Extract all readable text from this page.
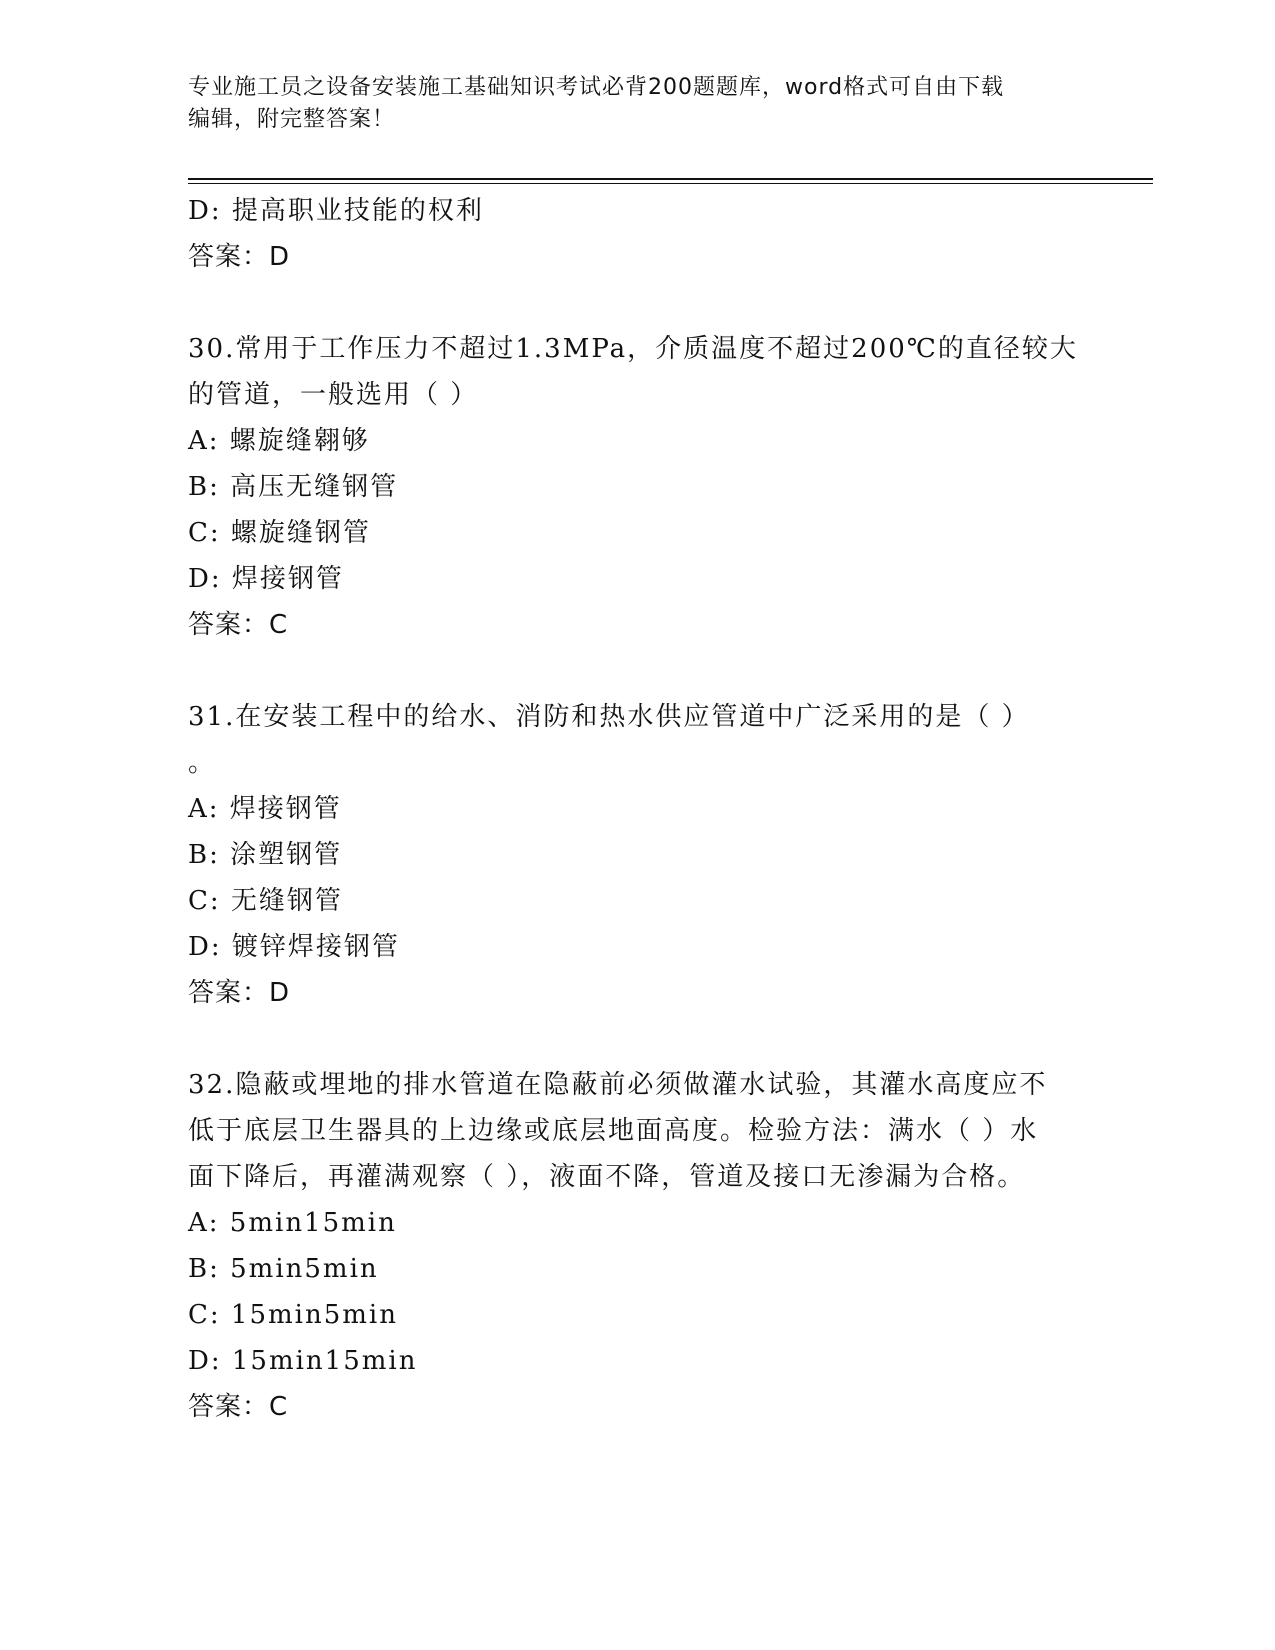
专业施工员之设备安装施工基础知识考试必背200题题库，word格式可自由下载
编辑，附完整答案！
D: 提高职业技能的权利
答案：D
30.常用于工作压力不超过1.3MPa，介质温度不超过200℃的直径较大
的管道，一般选用（ ）
A: 螺旋缝翱够
B: 高压无缝钢管
C: 螺旋缝钢管
D: 焊接钢管
答案：C
31.在安装工程中的给水、消防和热水供应管道中广泛采用的是（ ）
。
A: 焊接钢管
B: 涂塑钢管
C: 无缝钢管
D: 镀锌焊接钢管
答案：D
32.隐蔽或埋地的排水管道在隐蔽前必须做灌水试验，其灌水高度应不
低于底层卫生器具的上边缘或底层地面高度。检验方法：满水（ ）水
面下降后，再灌满观察（ ），液面不降，管道及接口无渗漏为合格。
A: 5min15min
B: 5min5min
C: 15min5min
D: 15min15min
答案：C
